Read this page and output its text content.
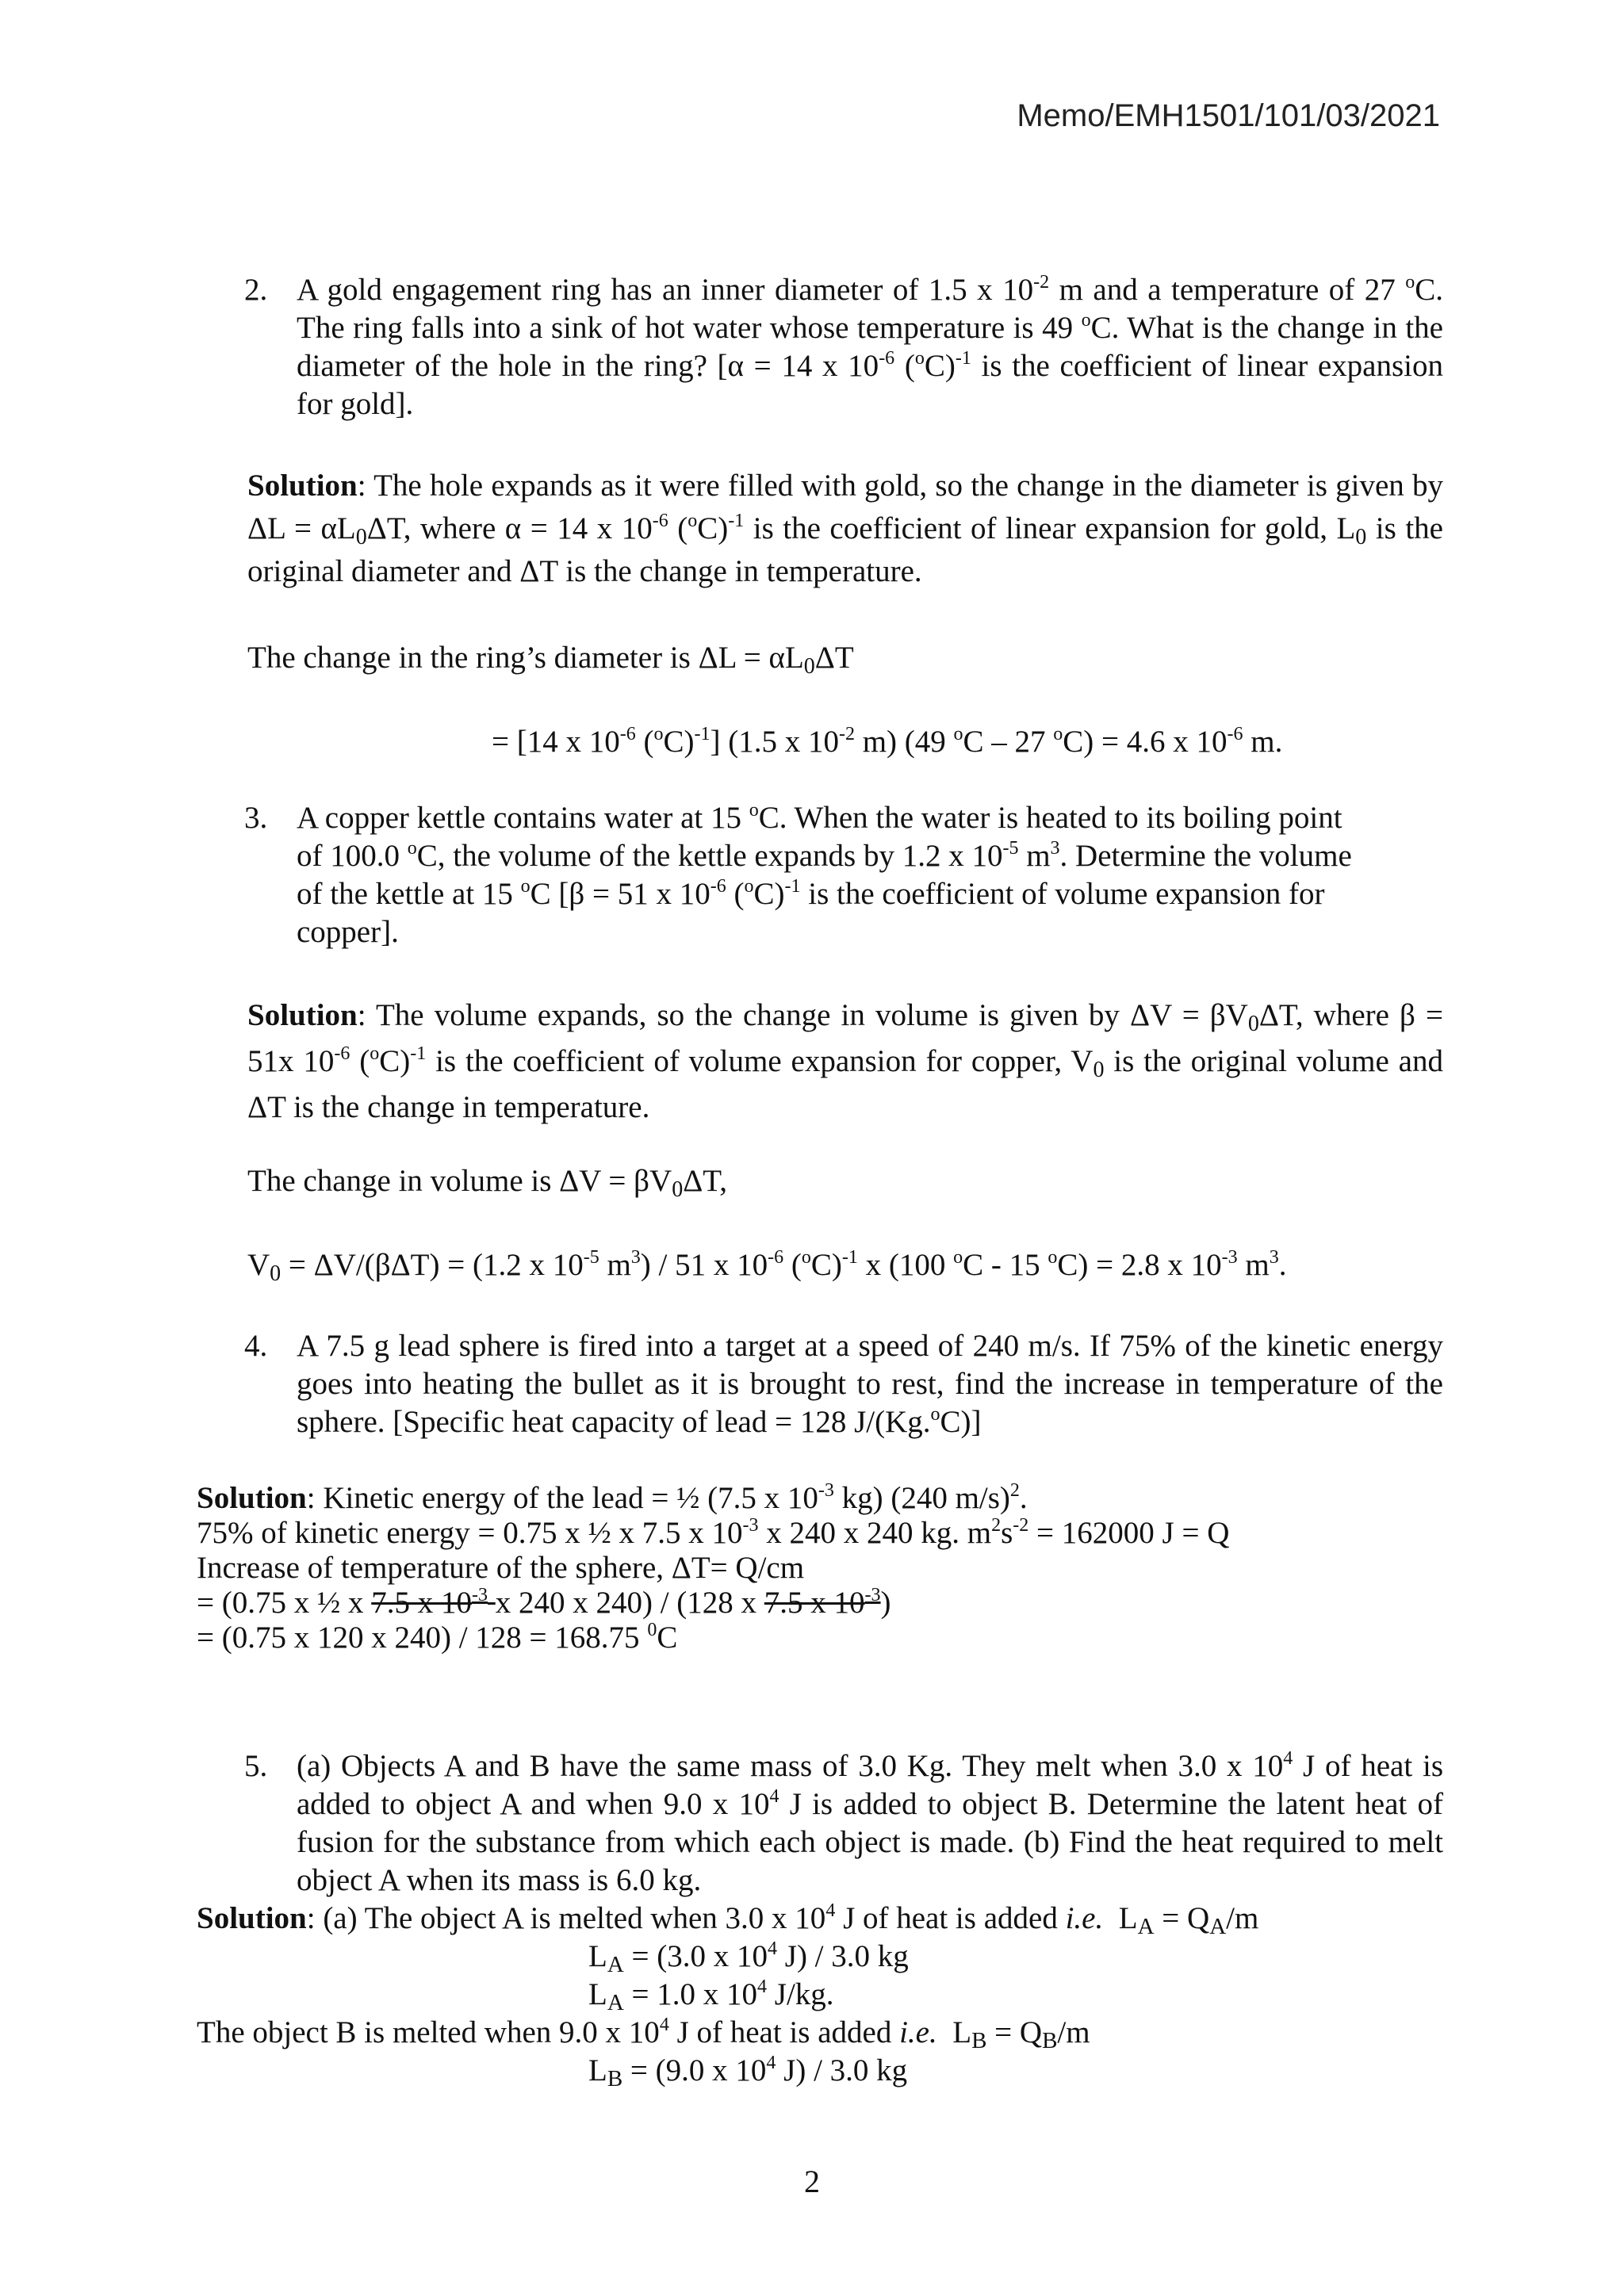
Memo/EMH1501/101/03/2021
2. A gold engagement ring has an inner diameter of 1.5 x $10^{-2}$ m and a temperature of 27 $^o$C. The ring falls into a sink of hot water whose temperature is 49 $^o$C. What is the change in the diameter of the hole in the ring? [α = 14 x $10^{-6}$ $(^oC)^{-1}$ is the coefficient of linear expansion for gold].
Solution: The hole expands as it were filled with gold, so the change in the diameter is given by $\Delta L = \alpha L_0\Delta T$, where α = 14 x $10^{-6}$ $(^oC)^{-1}$ is the coefficient of linear expansion for gold, $L_0$ is the original diameter and ΔT is the change in temperature.
The change in the ring’s diameter is $\Delta L = \alpha L_0\Delta T$
= [14 x $10^{-6}$ $(^oC)^{-1}$] (1.5 x $10^{-2}$ m) (49 $^o$C – 27 $^o$C) = 4.6 x $10^{-6}$ m.
3. A copper kettle contains water at 15 $^o$C. When the water is heated to its boiling point
of 100.0 $^o$C, the volume of the kettle expands by 1.2 x $10^{-5}$ $m^3$. Determine the volume
of the kettle at 15 $^o$C [β = 51 x $10^{-6}$ $(^oC)^{-1}$ is the coefficient of volume expansion for
copper].
Solution: The volume expands, so the change in volume is given by $\Delta V = \beta V_0\Delta T$, where β = 51x $10^{-6}$ $(^oC)^{-1}$ is the coefficient of volume expansion for copper, $V_0$ is the original volume and ΔT is the change in temperature.
The change in volume is $\Delta V = \beta V_0\Delta T$,
$V_0 = \Delta V/(\beta\Delta T) = (1.2$ x $10^{-5}$ $m^3) / 51$ x $10^{-6}$ $(^oC)^{-1}$ x (100 $^o$C - 15 $^o$C) = 2.8 x $10^{-3}$ $m^3$.
4. A 7.5 g lead sphere is fired into a target at a speed of 240 m/s. If 75% of the kinetic energy goes into heating the bullet as it is brought to rest, find the increase in temperature of the sphere. [Specific heat capacity of lead = 128 J/(Kg.$^o$C)]
Solution: Kinetic energy of the lead = ½ (7.5 x $10^{-3}$ kg) (240 m/s)$^2$.
75% of kinetic energy = 0.75 x ½ x 7.5 x $10^{-3}$ x 240 x 240 kg. $m^2s^{-2} = 162000$ J = Q
Increase of temperature of the sphere, ΔT= Q/cm
= (0.75 x ½ x 7.5 x $10^{-3}$ x 240 x 240) / (128 x 7.5 x $10^{-3}$)
= (0.75 x 120 x 240) / 128 = 168.75 $^0$C
5. (a) Objects A and B have the same mass of 3.0 Kg. They melt when 3.0 x $10^4$ J of heat is added to object A and when 9.0 x $10^4$ J is added to object B. Determine the latent heat of fusion for the substance from which each object is made. (b) Find the heat required to melt object A when its mass is 6.0 kg.
Solution: (a) The object A is melted when 3.0 x $10^4$ J of heat is added i.e.  $L_A = Q_A/m$
$L_A = (3.0$ x $10^4$ J) / 3.0 kg
$L_A = 1.0$ x $10^4$ J/kg.
The object B is melted when 9.0 x $10^4$ J of heat is added i.e.  $L_B = Q_B/m$
$L_B = (9.0$ x $10^4$ J) / 3.0 kg
2
